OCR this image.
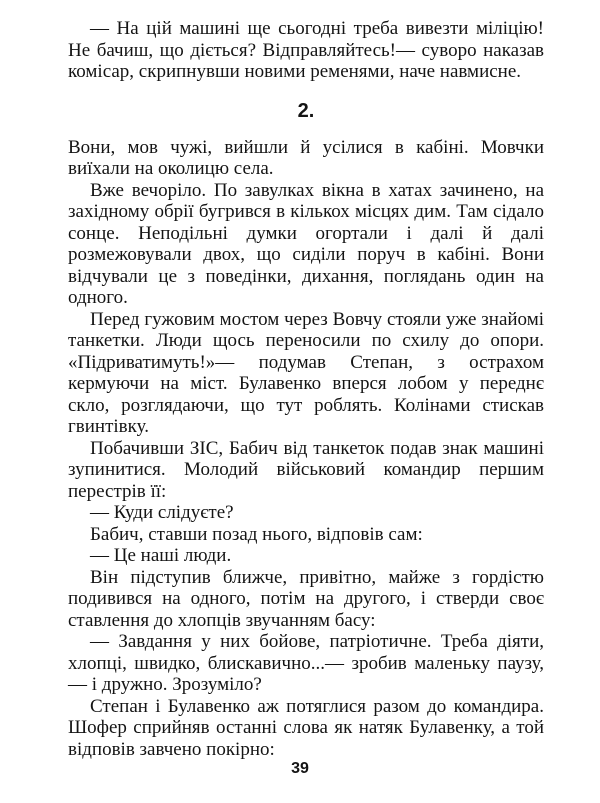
— На цій машині ще сьогодні треба вивезти міліцію! Не бачиш, що діється? Відправляйтесь!— суворо наказав комісар, скрипнувши новими ременями, наче навмисне.

2.

Вони, мов чужі, вийшли й усілися в кабіні. Мовчки виїхали на околицю села.

Вже вечоріло. По завулках вікна в хатах зачинено, на західному обрії бугрився в кількох місцях дим. Там сідало сонце. Неподільні думки огортали і далі й далі розмежовували двох, що сиділи поруч в кабіні. Вони відчували це з поведінки, дихання, поглядань один на одного.

Перед гужовим мостом через Вовчу стояли уже знайомі танкетки. Люди щось переносили по схилу до опори. «Підриватимуть!»— подумав Степан, з острахом кермуючи на міст. Булавенко вперся лобом у переднє скло, розглядаючи, що тут роблять. Колінами стискав гвинтівку.

Побачивши ЗІС, Бабич від танкеток подав знак машині зупинитися. Молодий військовий командир першим перестрів її:

— Куди слідуєте?

Бабич, ставши позад нього, відповів сам:

— Це наші люди.

Він підступив ближче, привітно, майже з гордістю подивився на одного, потім на другого, і стверди своє ставлення до хлопців звучанням басу:

— Завдання у них бойове, патріотичне. Треба діяти, хлопці, швидко, блискавично...— зробив маленьку паузу,— і дружно. Зрозуміло?

Степан і Булавенко аж потяглися разом до командира. Шофер сприйняв останні слова як натяк Булавенку, а той відповів завчено покірно:

39
